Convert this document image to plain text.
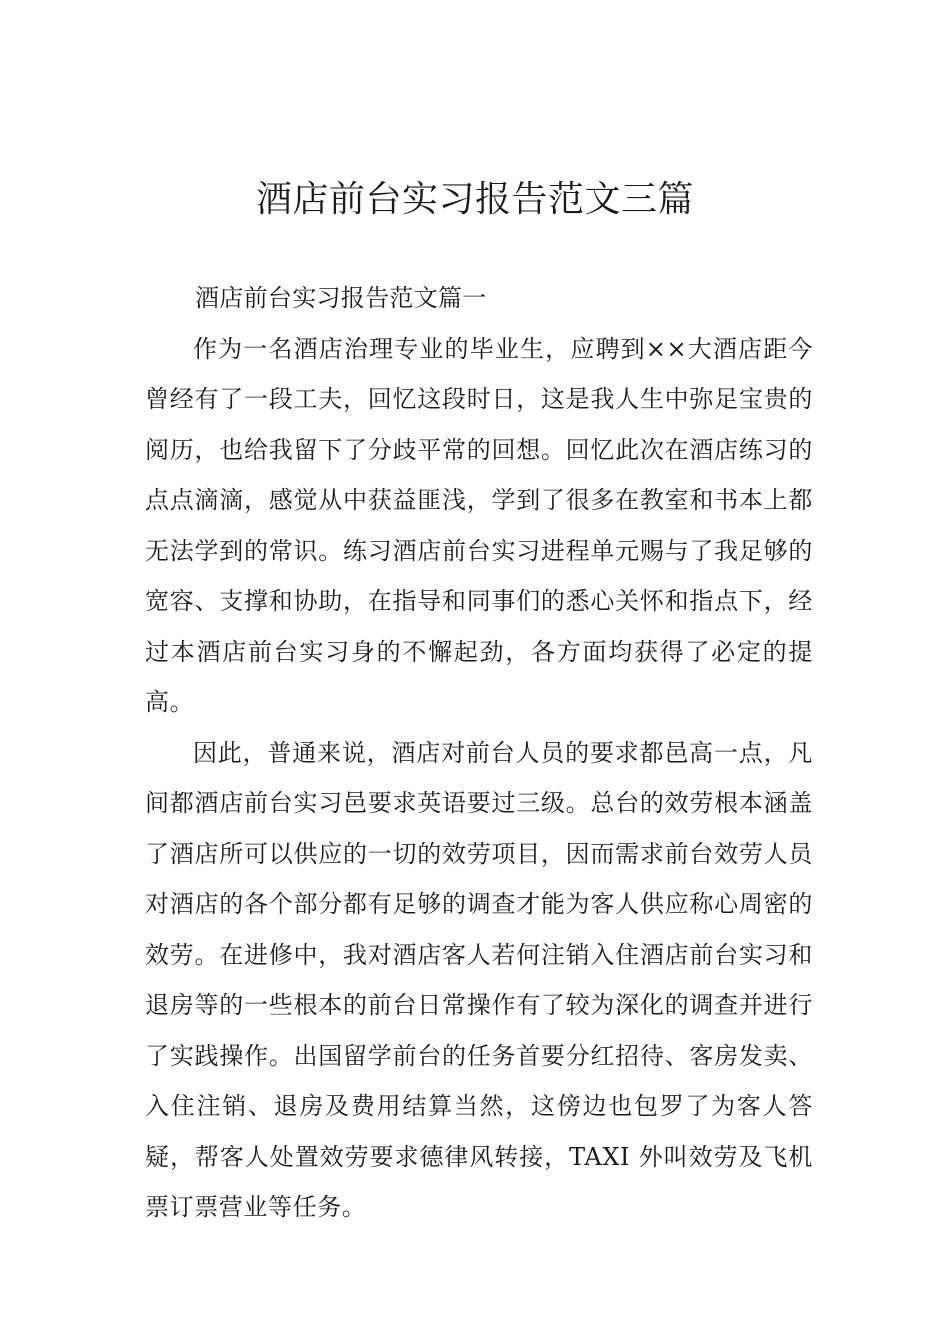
酒店前台实习报告范文三篇

酒店前台实习报告范文篇一

作为一名酒店治理专业的毕业生，应聘到××大酒店距今曾经有了一段工夫，回忆这段时日，这是我人生中弥足宝贵的阅历，也给我留下了分歧平常的回想。回忆此次在酒店练习的点点滴滴，感觉从中获益匪浅，学到了很多在教室和书本上都无法学到的常识。练习酒店前台实习进程单元赐与了我足够的宽容、支撑和协助，在指导和同事们的悉心关怀和指点下，经过本酒店前台实习身的不懈起劲，各方面均获得了必定的提高。

因此，普通来说，酒店对前台人员的要求都邑高一点，凡间都酒店前台实习邑要求英语要过三级。总台的效劳根本涵盖了酒店所可以供应的一切的效劳项目，因而需求前台效劳人员对酒店的各个部分都有足够的调查才能为客人供应称心周密的效劳。在进修中，我对酒店客人若何注销入住酒店前台实习和退房等的一些根本的前台日常操作有了较为深化的调查并进行了实践操作。出国留学前台的任务首要分红招待、客房发卖、入住注销、退房及费用结算当然，这傍边也包罗了为客人答疑，帮客人处置效劳要求德律风转接，TAXI 外叫效劳及飞机票订票营业等任务。
